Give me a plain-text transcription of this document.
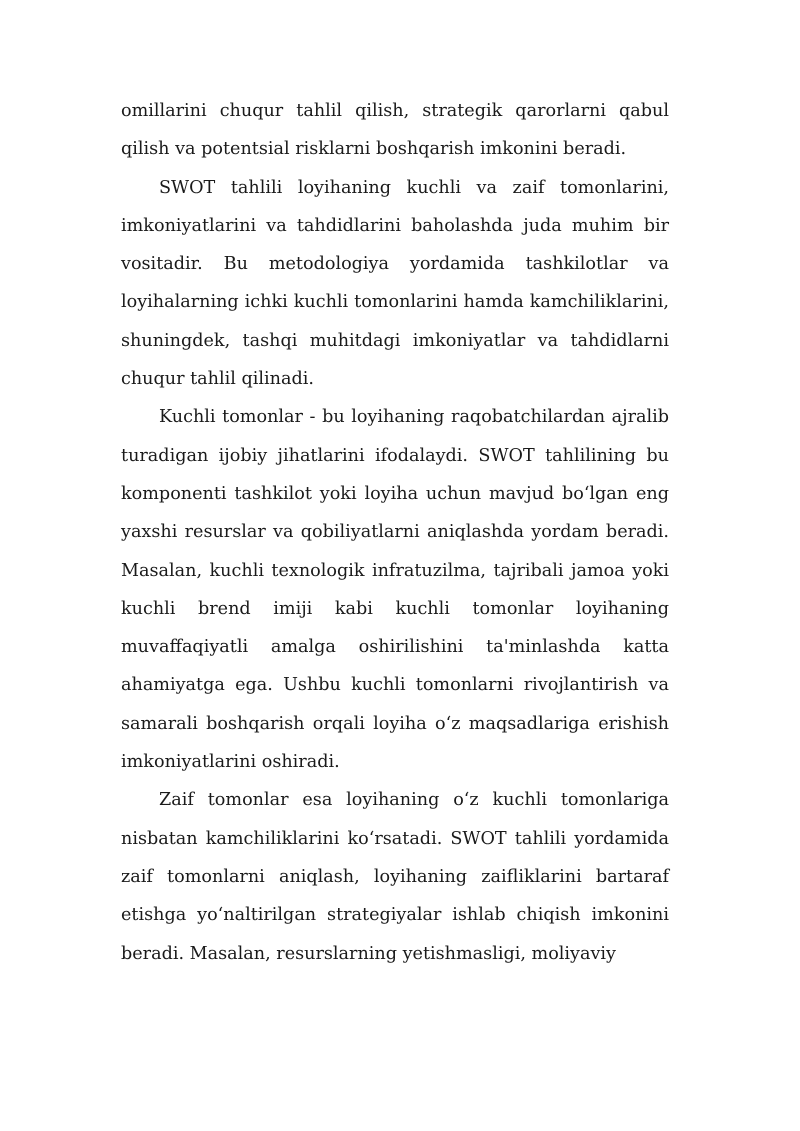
omillarini chuqur tahlil qilish, strategik qarorlarni qabul qilish va potentsial risklarni boshqarish imkonini beradi.

SWOT tahlili loyihaning kuchli va zaif tomonlarini, imkoniyatlarini va tahdidlarini baholashda juda muhim bir vositadir. Bu metodologiya yordamida tashkilotlar va loyihalarning ichki kuchli tomonlarini hamda kamchiliklarini, shuningdek, tashqi muhitdagi imkoniyatlar va tahdidlarni chuqur tahlil qilinadi.

Kuchli tomonlar - bu loyihaning raqobatchilardan ajralib turadigan ijobiy jihatlarini ifodalaydi. SWOT tahlilining bu komponenti tashkilot yoki loyiha uchun mavjud bo‘lgan eng yaxshi resurslar va qobiliyatlarni aniqlashda yordam beradi. Masalan, kuchli texnologik infratuzilma, tajribali jamoa yoki kuchli brend imiji kabi kuchli tomonlar loyihaning muvaffaqiyatli amalga oshirilishini ta'minlashda katta ahamiyatga ega. Ushbu kuchli tomonlarni rivojlantirish va samarali boshqarish orqali loyiha o‘z maqsadlariga erishish imkoniyatlarini oshiradi.

Zaif tomonlar esa loyihaning o‘z kuchli tomonlariga nisbatan kamchiliklarini ko‘rsatadi. SWOT tahlili yordamida zaif tomonlarni aniqlash, loyihaning zaifliklarini bartaraf etishga yo‘naltirilgan strategiyalar ishlab chiqish imkonini beradi. Masalan, resurslarning yetishmasligi, moliyaviy
